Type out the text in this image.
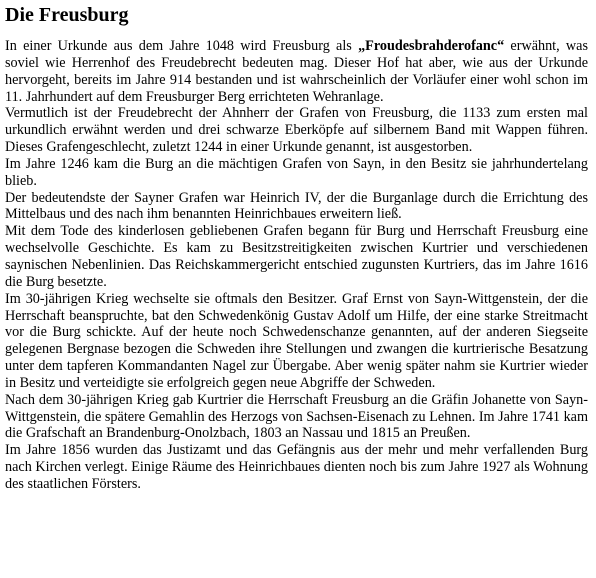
Die Freusburg

In einer Urkunde aus dem Jahre 1048 wird Freusburg als „Froudesbrahderofanc“ erwähnt, was soviel wie Herrenhof des Freudebrecht bedeuten mag. Dieser Hof hat aber, wie aus der Urkunde hervorgeht, bereits im Jahre 914 bestanden und ist wahrscheinlich der Vorläufer einer wohl schon im 11. Jahrhundert auf dem Freusburger Berg errichteten Wehranlage.

Vermutlich ist der Freudebrecht der Ahnherr der Grafen von Freusburg, die 1133 zum ersten mal urkundlich erwähnt werden und drei schwarze Eberköpfe auf silbernem Band mit Wappen führen. Dieses Grafengeschlecht, zuletzt 1244 in einer Urkunde genannt, ist ausgestorben.

Im Jahre 1246 kam die Burg an die mächtigen Grafen von Sayn, in den Besitz sie jahrhundertelang blieb.

Der bedeutendste der Sayner Grafen war Heinrich IV, der die Burganlage durch die Errichtung des Mittelbaus und des nach ihm benannten Heinrichbaues erweitern ließ.

Mit dem Tode des kinderlosen gebliebenen Grafen begann für Burg und Herrschaft Freusburg eine wechselvolle Geschichte. Es kam zu Besitzstreitigkeiten zwischen Kurtrier und verschiedenen saynischen Nebenlinien. Das Reichskammergericht entschied zugunsten Kurtriers, das im Jahre 1616 die Burg besetzte.

Im 30-jährigen Krieg wechselte sie oftmals den Besitzer. Graf Ernst von Sayn-Wittgenstein, der die Herrschaft beanspruchte, bat den Schwedenkönig Gustav Adolf um Hilfe, der eine starke Streitmacht vor die Burg schickte. Auf der heute noch Schwedenschanze genannten, auf der anderen Siegseite gelegenen Bergnase bezogen die Schweden ihre Stellungen und zwangen die kurtrierische Besatzung unter dem tapferen Kommandanten Nagel zur Übergabe. Aber wenig später nahm sie Kurtrier wieder in Besitz und verteidigte sie erfolgreich gegen neue Abgriffe der Schweden.

Nach dem 30-jährigen Krieg gab Kurtrier die Herrschaft Freusburg an die Gräfin Johanette von Sayn-Wittgenstein, die spätere Gemahlin des Herzogs von Sachsen-Eisenach zu Lehnen. Im Jahre 1741 kam die Grafschaft an Brandenburg-Onolzbach, 1803 an Nassau und 1815 an Preußen.

Im Jahre 1856 wurden das Justizamt und das Gefängnis aus der mehr und mehr verfallenden Burg nach Kirchen verlegt. Einige Räume des Heinrichbaues dienten noch bis zum Jahre 1927 als Wohnung des staatlichen Försters.
